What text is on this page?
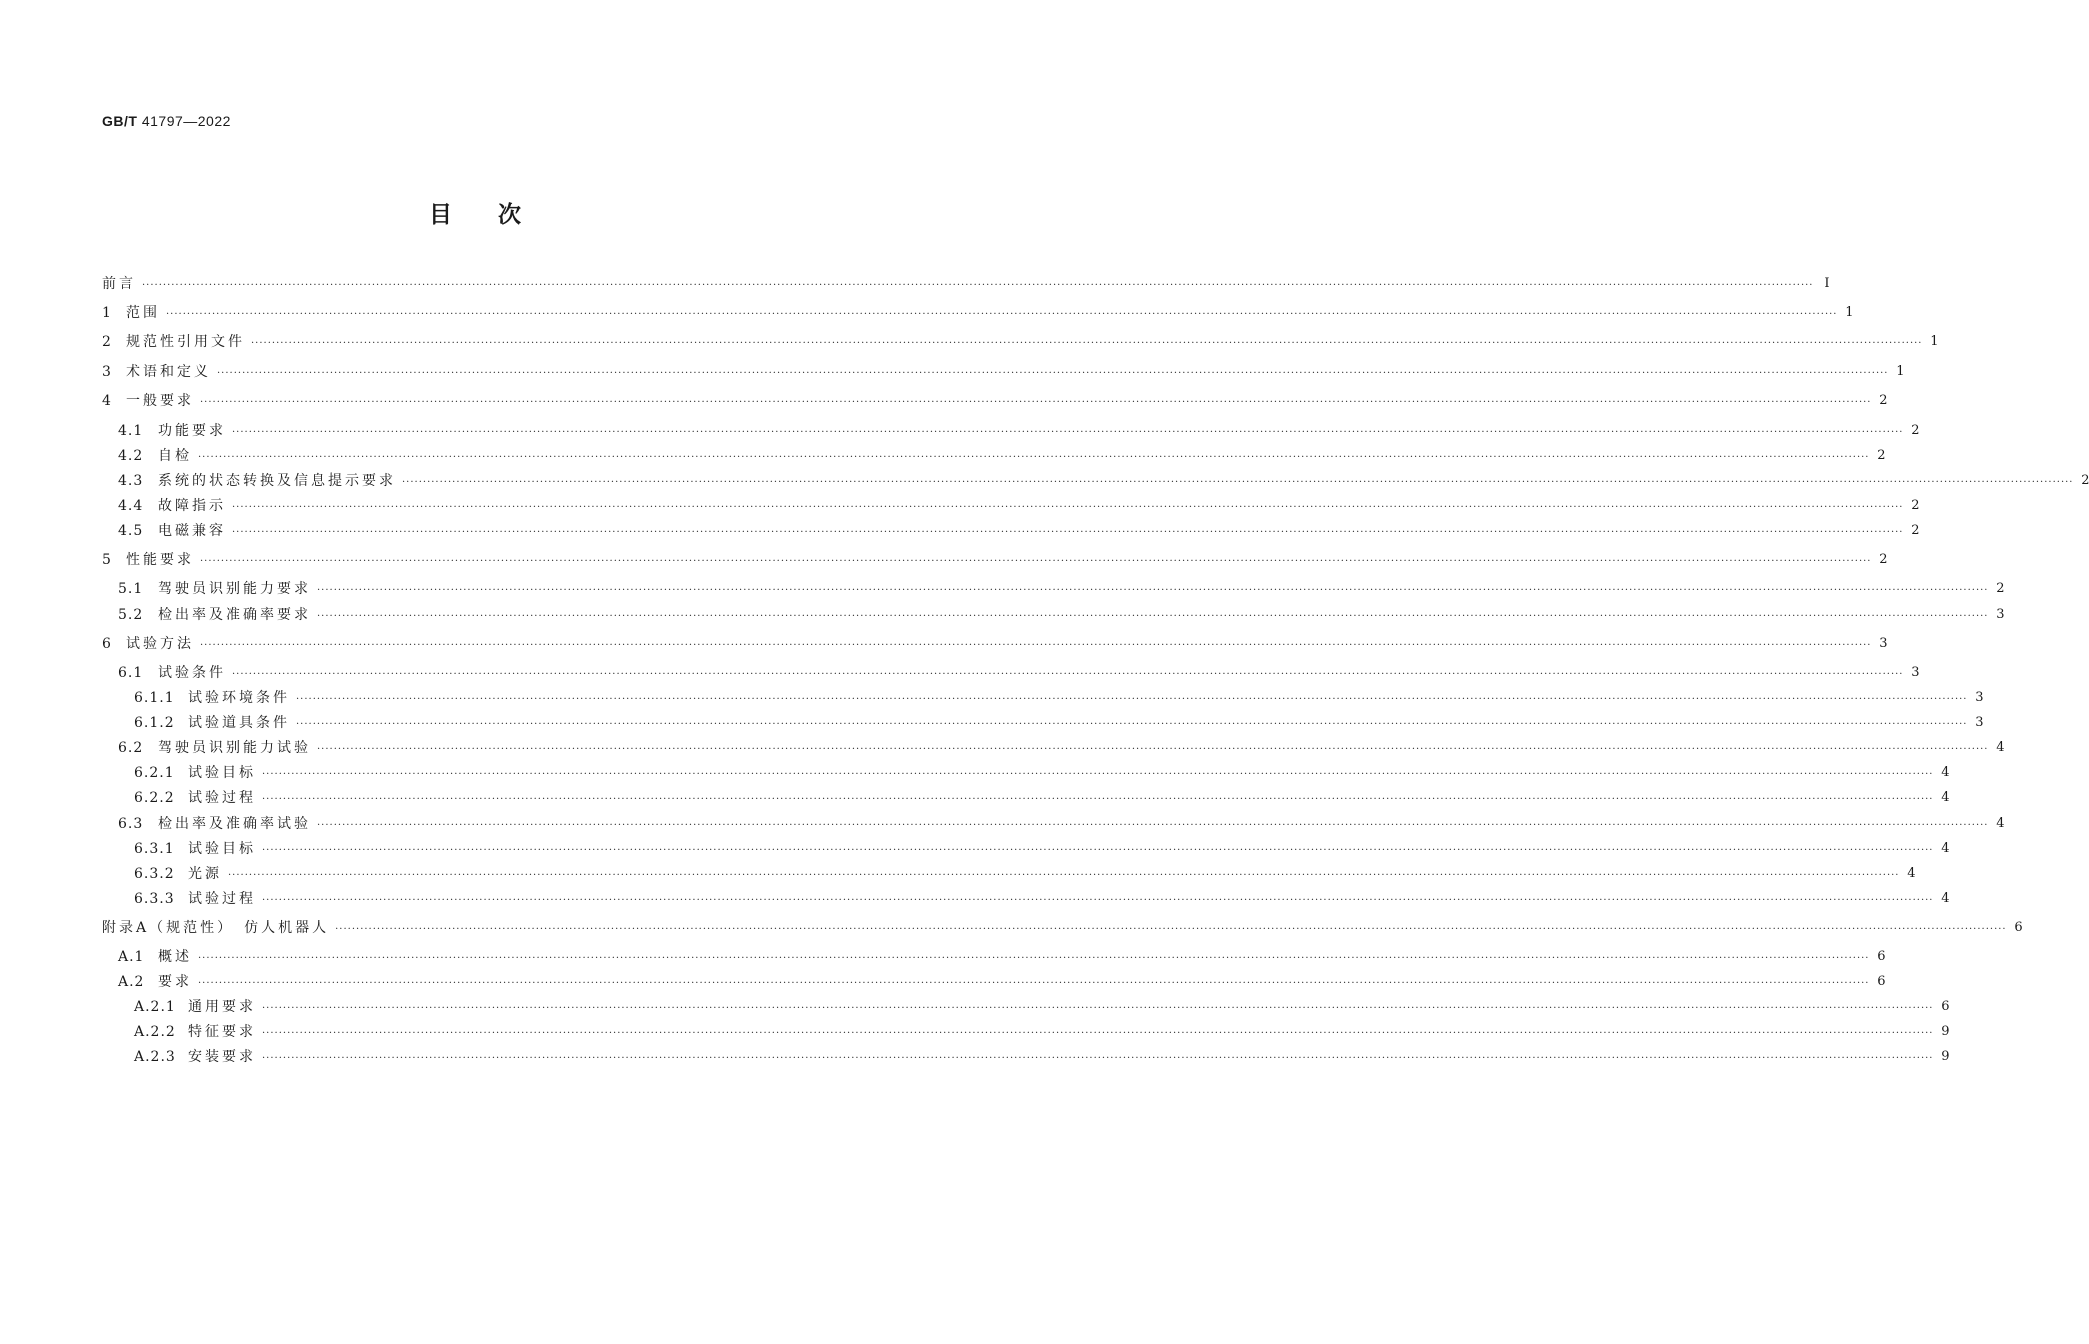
GB/T 41797—2022
目次
前言 ················································································································································································································································································································································································································ Ⅰ
1	范围 ················································································································································································································································································································································································································ 1
2	规范性引用文件 ················································································································································································································································································································································································································ 1
3	术语和定义 ················································································································································································································································································································································································································ 1
4	一般要求 ················································································································································································································································································································································································································ 2
4.1	功能要求 ················································································································································································································································································································································································································ 2
4.2	自检 ················································································································································································································································································································································································································ 2
4.3	系统的状态转换及信息提示要求 ················································································································································································································································································································································································································ 2
4.4	故障指示 ················································································································································································································································································································································································································ 2
4.5	电磁兼容 ················································································································································································································································································································································································································ 2
5	性能要求 ················································································································································································································································································································································································································ 2
5.1	驾驶员识别能力要求 ················································································································································································································································································································································································································ 2
5.2	检出率及准确率要求 ················································································································································································································································································································································································································ 3
6	试验方法 ················································································································································································································································································································································································································ 3
6.1	试验条件 ················································································································································································································································································································································································································ 3
6.1.1 试验环境条件 ················································································································································································································································································································································································································ 3
6.1.2 试验道具条件 ················································································································································································································································································································································································································ 3
6.2	驾驶员识别能力试验 ················································································································································································································································································································································································································ 4
6.2.1 试验目标 ················································································································································································································································································································································································································ 4
6.2.2 试验过程 ················································································································································································································································································································································································································ 4
6.3	检出率及准确率试验 ················································································································································································································································································································································································································ 4
6.3.1 试验目标 ················································································································································································································································································································································································································ 4
6.3.2 光源 ················································································································································································································································································································································································································ 4
6.3.3 试验过程 ················································································································································································································································································································································································································ 4
附录A（规范性）　仿人机器人 ················································································································································································································································································································································································································ 6
A.1 概述 ················································································································································································································································································································································································································ 6
A.2 要求 ················································································································································································································································································································································································································ 6
A.2.1 通用要求 ················································································································································································································································································································································································································ 6
A.2.2 特征要求 ················································································································································································································································································································································································································ 9
A.2.3 安装要求 ················································································································································································································································································································································································································ 9
